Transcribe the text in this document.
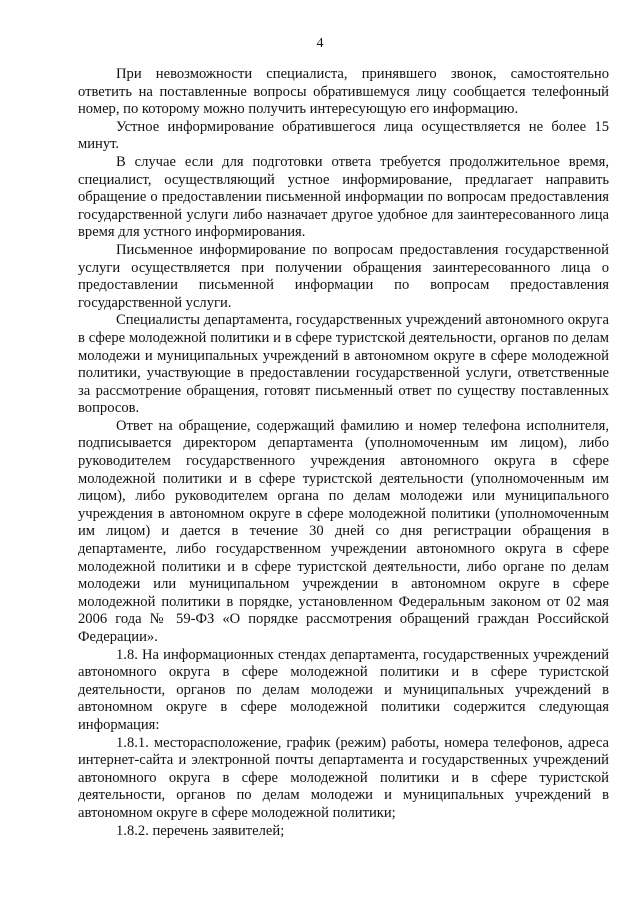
4

При невозможности специалиста, принявшего звонок, самостоятельно ответить на поставленные вопросы обратившемуся лицу сообщается телефонный номер, по которому можно получить интересующую его информацию.

Устное информирование обратившегося лица осуществляется не более 15 минут.

В случае если для подготовки ответа требуется продолжительное время, специалист, осуществляющий устное информирование, предлагает направить обращение о предоставлении письменной информации по вопросам предоставления государственной услуги либо назначает другое удобное для заинтересованного лица время для устного информирования.

Письменное информирование по вопросам предоставления государственной услуги осуществляется при получении обращения заинтересованного лица о предоставлении письменной информации по вопросам предоставления государственной услуги.

Специалисты департамента, государственных учреждений автономного округа в сфере молодежной политики и в сфере туристской деятельности, органов по делам молодежи и муниципальных учреждений в автономном округе в сфере молодежной политики, участвующие в предоставлении государственной услуги, ответственные за рассмотрение обращения, готовят письменный ответ по существу поставленных вопросов.

Ответ на обращение, содержащий фамилию и номер телефона исполнителя, подписывается директором департамента (уполномоченным им лицом), либо руководителем государственного учреждения автономного округа в сфере молодежной политики и в сфере туристской деятельности (уполномоченным им лицом), либо руководителем органа по делам молодежи или муниципального учреждения в автономном округе в сфере молодежной политики (уполномоченным им лицом) и дается в течение 30 дней со дня регистрации обращения в департаменте, либо государственном учреждении автономного округа в сфере молодежной политики и в сфере туристской деятельности, либо органе по делам молодежи или муниципальном учреждении в автономном округе в сфере молодежной политики в порядке, установленном Федеральным законом от 02 мая 2006 года № 59-ФЗ «О порядке рассмотрения обращений граждан Российской Федерации».

1.8. На информационных стендах департамента, государственных учреждений автономного округа в сфере молодежной политики и в сфере туристской деятельности, органов по делам молодежи и муниципальных учреждений в автономном округе в сфере молодежной политики содержится следующая информация:

1.8.1. месторасположение, график (режим) работы, номера телефонов, адреса интернет-сайта и электронной почты департамента и государственных учреждений автономного округа в сфере молодежной политики и в сфере туристской деятельности, органов по делам молодежи и муниципальных учреждений в автономном округе в сфере молодежной политики;

1.8.2. перечень заявителей;
